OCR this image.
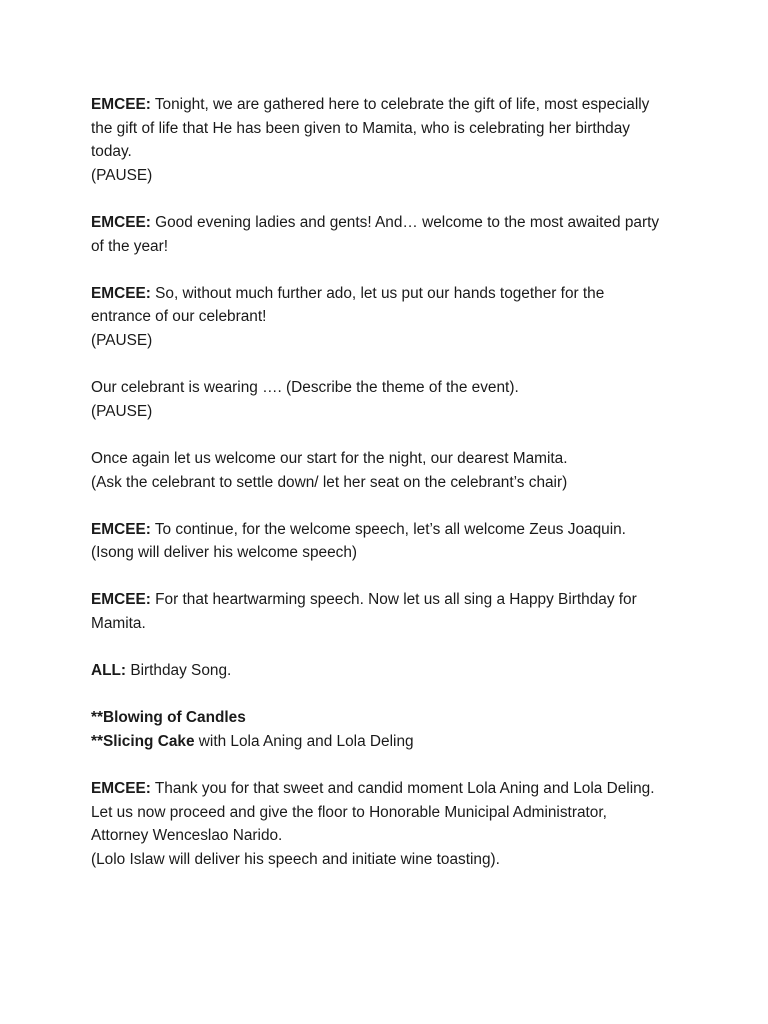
EMCEE: Tonight, we are gathered here to celebrate the gift of life, most especially
the gift of life that He has been given to Mamita, who is celebrating her birthday
today.
(PAUSE)

EMCEE: Good evening ladies and gents! And… welcome to the most awaited party
of the year!

EMCEE: So, without much further ado, let us put our hands together for the
entrance of our celebrant!
(PAUSE)

Our celebrant is wearing …. (Describe the theme of the event).
(PAUSE)

Once again let us welcome our start for the night, our dearest Mamita.
(Ask the celebrant to settle down/ let her seat on the celebrant’s chair)

EMCEE: To continue, for the welcome speech, let’s all welcome Zeus Joaquin.
(Isong will deliver his welcome speech)

EMCEE: For that heartwarming speech. Now let us all sing a Happy Birthday for
Mamita.

ALL: Birthday Song.

**Blowing of Candles
**Slicing Cake with Lola Aning and Lola Deling

EMCEE: Thank you for that sweet and candid moment Lola Aning and Lola Deling.
Let us now proceed and give the floor to Honorable Municipal Administrator,
Attorney Wenceslao Narido.
(Lolo Islaw will deliver his speech and initiate wine toasting).
